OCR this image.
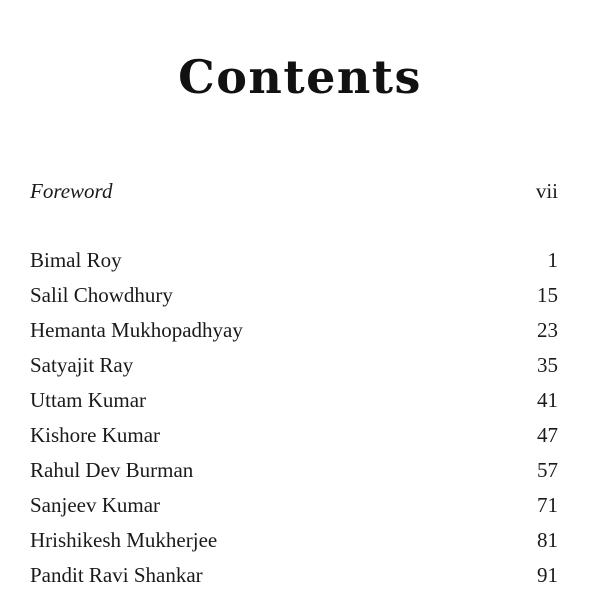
Contents
Foreword	vii
Bimal Roy	1
Salil Chowdhury	15
Hemanta Mukhopadhyay	23
Satyajit Ray	35
Uttam Kumar	41
Kishore Kumar	47
Rahul Dev Burman	57
Sanjeev Kumar	71
Hrishikesh Mukherjee	81
Pandit Ravi Shankar	91
